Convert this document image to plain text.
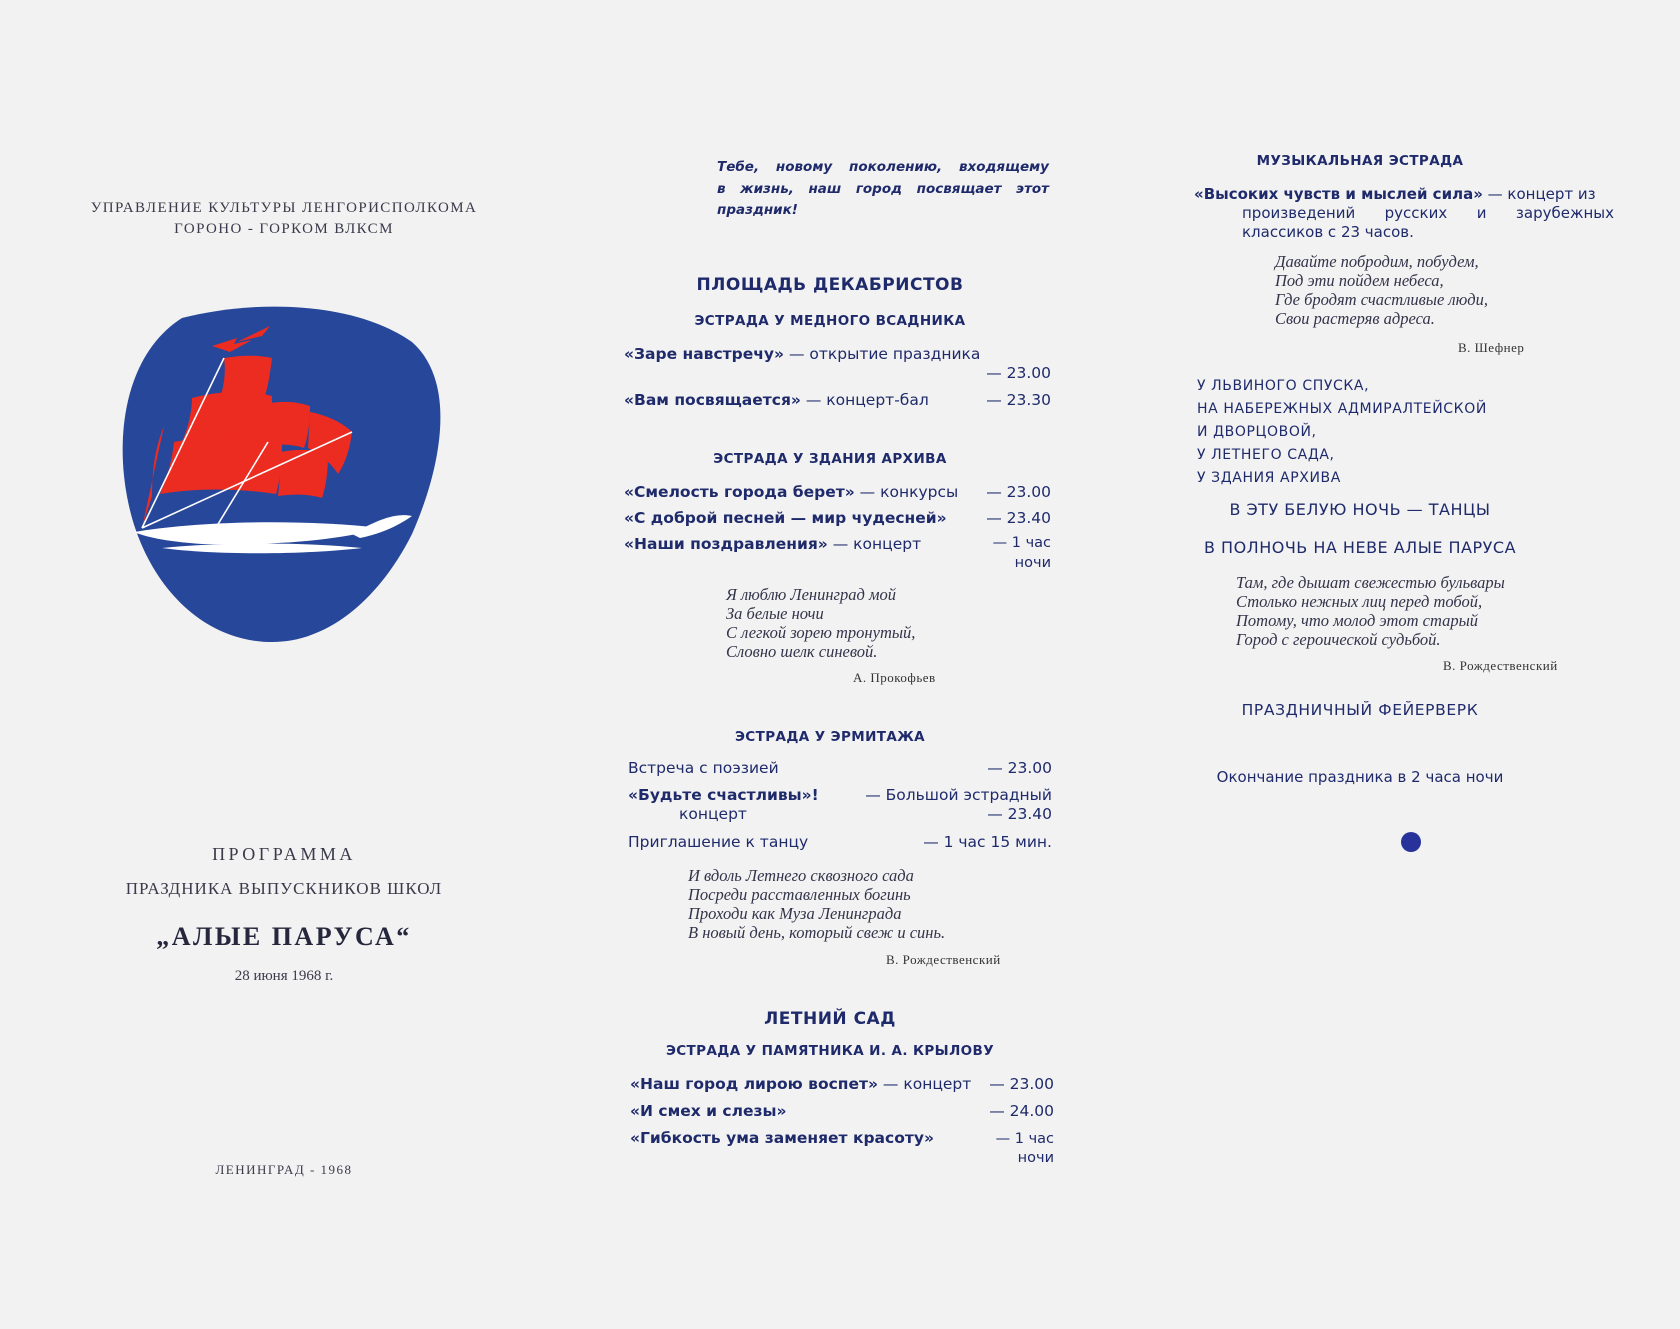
УПРАВЛЕНИЕ КУЛЬТУРЫ ЛЕНГОРИСПОЛКОМА
ГОРОНО - ГОРКОМ ВЛКСМ
ПРОГРАММА
ПРАЗДНИКА ВЫПУСКНИКОВ ШКОЛ
„АЛЫЕ ПАРУСА“
28 июня 1968 г.
ЛЕНИНГРАД - 1968
Тебе, новому поколению, входящему
в жизнь, наш город посвящает этот
праздник!
ПЛОЩАДЬ ДЕКАБРИСТОВ
ЭСТРАДА У МЕДНОГО ВСАДНИКА
«Заре навстречу» — открытие праздника
— 23.00
«Вам посвящается» — концерт-бал	— 23.30
ЭСТРАДА У ЗДАНИЯ АРХИВА
«Смелость города берет» — конкурсы — 23.00
«С доброй песней — мир чудесней»	— 23.40
«Наши поздравления» — концерт	— 1 час
ночи
Я люблю Ленинград мой
За белые ночи
С легкой зорею тронутый,
Словно шелк синевой.
А. Прокофьев
ЭСТРАДА У ЭРМИТАЖА
Встреча с поэзией	— 23.00
«Будьте счастливы»!	— Большой эстрадный
концерт	— 23.40
Приглашение к танцу	— 1 час 15 мин.
И вдоль Летнего сквозного сада
Посреди расставленных богинь
Проходи как Муза Ленинграда
В новый день, который свеж и синь.
В. Рождественский
ЛЕТНИЙ САД
ЭСТРАДА У ПАМЯТНИКА И. А. КРЫЛОВУ
«Наш город лирою воспет» — концерт — 23.00
«И смех и слезы»	— 24.00
«Гибкость ума заменяет красоту»	— 1 час
ночи
МУЗЫКАЛЬНАЯ ЭСТРАДА
«Высоких чувств и мыслей сила» — концерт из
произведений русских и зарубежных
классиков с 23 часов.
Давайте побродим, побудем,
Под эти пойдем небеса,
Где бродят счастливые люди,
Свои растеряв адреса.
В. Шефнер
У ЛЬВИНОГО СПУСКА,
НА НАБЕРЕЖНЫХ АДМИРАЛТЕЙСКОЙ
И ДВОРЦОВОЙ,
У ЛЕТНЕГО САДА,
У ЗДАНИЯ АРХИВА
В ЭТУ БЕЛУЮ НОЧЬ — ТАНЦЫ
В ПОЛНОЧЬ НА НЕВЕ АЛЫЕ ПАРУСА
Там, где дышат свежестью бульвары
Столько нежных лиц перед тобой,
Потому, что молод этот старый
Город с героической судьбой.
В. Рождественский
ПРАЗДНИЧНЫЙ ФЕЙЕРВЕРК
Окончание праздника в 2 часа ночи
